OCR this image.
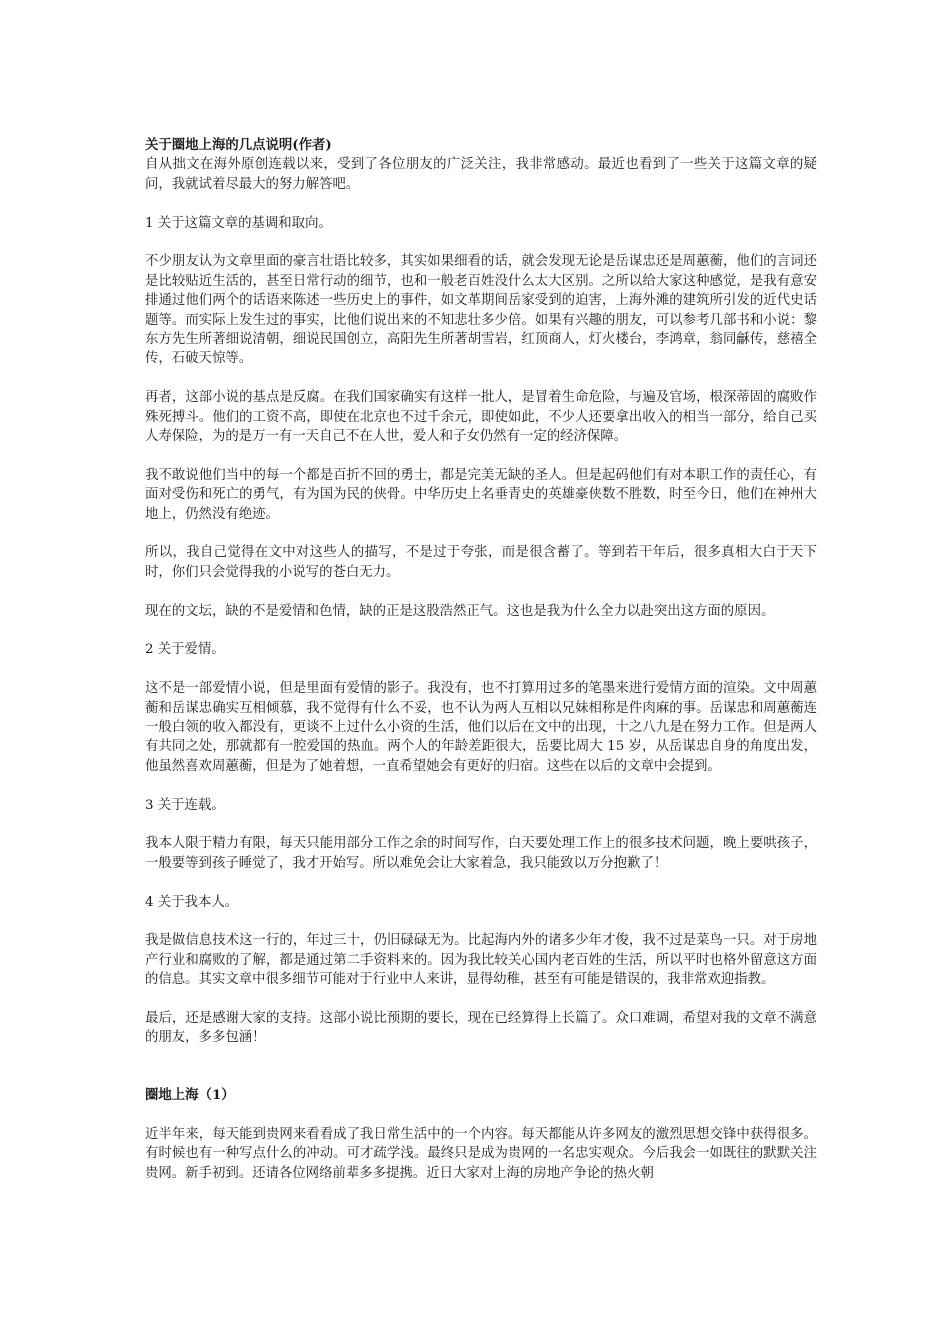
关于圈地上海的几点说明(作者)

自从拙文在海外原创连载以来，受到了各位朋友的广泛关注，我非常感动。最近也看到了一些关于这篇文章的疑问，我就试着尽最大的努力解答吧。

1 关于这篇文章的基调和取向。

不少朋友认为文章里面的豪言壮语比较多，其实如果细看的话，就会发现无论是岳谋忠还是周蕙蘅，他们的言词还是比较贴近生活的，甚至日常行动的细节，也和一般老百姓没什么太大区别。之所以给大家这种感觉，是我有意安排通过他们两个的话语来陈述一些历史上的事件，如文革期间岳家受到的迫害，上海外滩的建筑所引发的近代史话题等。而实际上发生过的事实，比他们说出来的不知悲壮多少倍。如果有兴趣的朋友，可以参考几部书和小说：黎东方先生所著细说清朝，细说民国创立，高阳先生所著胡雪岩，红顶商人，灯火楼台，李鸿章，翁同龢传，慈禧全传，石破天惊等。

再者，这部小说的基点是反腐。在我们国家确实有这样一批人，是冒着生命危险，与遍及官场，根深蒂固的腐败作殊死搏斗。他们的工资不高，即使在北京也不过千余元，即使如此，不少人还要拿出收入的相当一部分，给自己买人寿保险，为的是万一有一天自己不在人世，爱人和子女仍然有一定的经济保障。

我不敢说他们当中的每一个都是百折不回的勇士，都是完美无缺的圣人。但是起码他们有对本职工作的责任心，有面对受伤和死亡的勇气，有为国为民的侠骨。中华历史上名垂青史的英雄豪侠数不胜数，时至今日，他们在神州大地上，仍然没有绝迹。

所以，我自己觉得在文中对这些人的描写，不是过于夸张，而是很含蓄了。等到若干年后，很多真相大白于天下时，你们只会觉得我的小说写的苍白无力。

现在的文坛，缺的不是爱情和色情，缺的正是这股浩然正气。这也是我为什么全力以赴突出这方面的原因。

2 关于爱情。

这不是一部爱情小说，但是里面有爱情的影子。我没有，也不打算用过多的笔墨来进行爱情方面的渲染。文中周蕙蘅和岳谋忠确实互相倾慕，我不觉得有什么不妥，也不认为两人互相以兄妹相称是件肉麻的事。岳谋忠和周蕙蘅连一般白领的收入都没有，更谈不上过什么小资的生活，他们以后在文中的出现，十之八九是在努力工作。但是两人有共同之处，那就都有一腔爱国的热血。两个人的年龄差距很大，岳要比周大 15 岁，从岳谋忠自身的角度出发，他虽然喜欢周蕙蘅，但是为了她着想，一直希望她会有更好的归宿。这些在以后的文章中会提到。

3 关于连载。

我本人限于精力有限，每天只能用部分工作之余的时间写作，白天要处理工作上的很多技术问题，晚上要哄孩子，一般要等到孩子睡觉了，我才开始写。所以难免会让大家着急，我只能致以万分抱歉了！

4 关于我本人。

我是做信息技术这一行的，年过三十，仍旧碌碌无为。比起海内外的诸多少年才俊，我不过是菜鸟一只。对于房地产行业和腐败的了解，都是通过第二手资料来的。因为我比较关心国内老百姓的生活，所以平时也格外留意这方面的信息。其实文章中很多细节可能对于行业中人来讲，显得幼稚，甚至有可能是错误的，我非常欢迎指教。

最后，还是感谢大家的支持。这部小说比预期的要长，现在已经算得上长篇了。众口难调，希望对我的文章不满意的朋友，多多包涵！

圈地上海（1）

近半年来，每天能到贵网来看看成了我日常生活中的一个内容。每天都能从许多网友的激烈思想交锋中获得很多。有时候也有一种写点什么的冲动。可才疏学浅。最终只是成为贵网的一名忠实观众。今后我会一如既往的默默关注贵网。新手初到。还请各位网络前辈多多提携。近日大家对上海的房地产争论的热火朝
